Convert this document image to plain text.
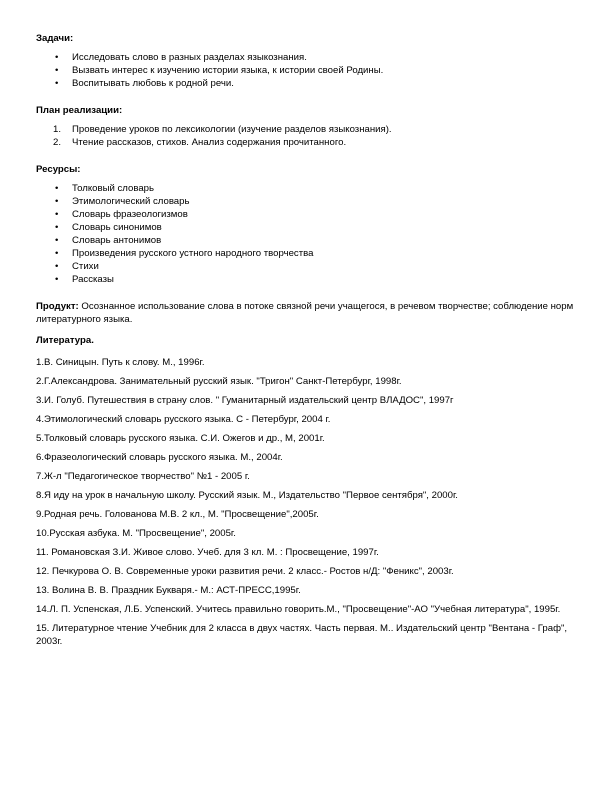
Задачи:

• Исследовать слово в разных разделах языкознания.
• Вызвать интерес к изучению истории языка, к истории своей Родины.
• Воспитывать любовь к родной речи.

План реализации:

1. Проведение уроков по лексикологии (изучение разделов языкознания).
2. Чтение рассказов, стихов. Анализ содержания прочитанного.

Ресурсы:

• Толковый словарь
• Этимологический словарь
• Словарь фразеологизмов
• Словарь синонимов
• Словарь антонимов
• Произведения русского устного народного творчества
• Стихи
• Рассказы

Продукт: Осознанное использование слова в потоке связной речи учащегося, в речевом творчестве; соблюдение норм литературного языка.

Литература.

1.В. Синицын. Путь к слову. М., 1996г.

2.Г.Александрова. Занимательный русский язык. "Тригон" Санкт-Петербург, 1998г.

3.И. Голуб. Путешествия в страну слов. " Гуманитарный издательский центр ВЛАДОС", 1997г

4.Этимологический словарь русского языка. С - Петербург, 2004 г.

5.Толковый словарь русского языка. С.И. Ожегов и др., М, 2001г.

6.Фразеологический словарь русского языка. М., 2004г.

7.Ж-л "Педагогическое творчество" №1 - 2005 г.

8.Я иду на урок в начальную школу. Русский язык. М., Издательство "Первое сентября", 2000г.

9.Родная речь. Голованова М.В. 2 кл., М. "Просвещение",2005г.

10.Русская азбука. М. "Просвещение", 2005г.

11. Романовская З.И. Живое слово. Учеб. для 3 кл. М. : Просвещение, 1997г.

12. Печкурова О. В. Современные уроки развития речи. 2 класс.- Ростов н/Д: "Феникс", 2003г.

13. Волина В. В. Праздник Букваря.- М.: АСТ-ПРЕСС,1995г.

14.Л. П. Успенская, Л.Б. Успенский. Учитесь правильно говорить.М., "Просвещение"-АО "Учебная литература", 1995г.

15. Литературное чтение Учебник для 2 класса в двух частях. Часть первая. М.. Издательский центр "Вентана - Граф", 2003г.
